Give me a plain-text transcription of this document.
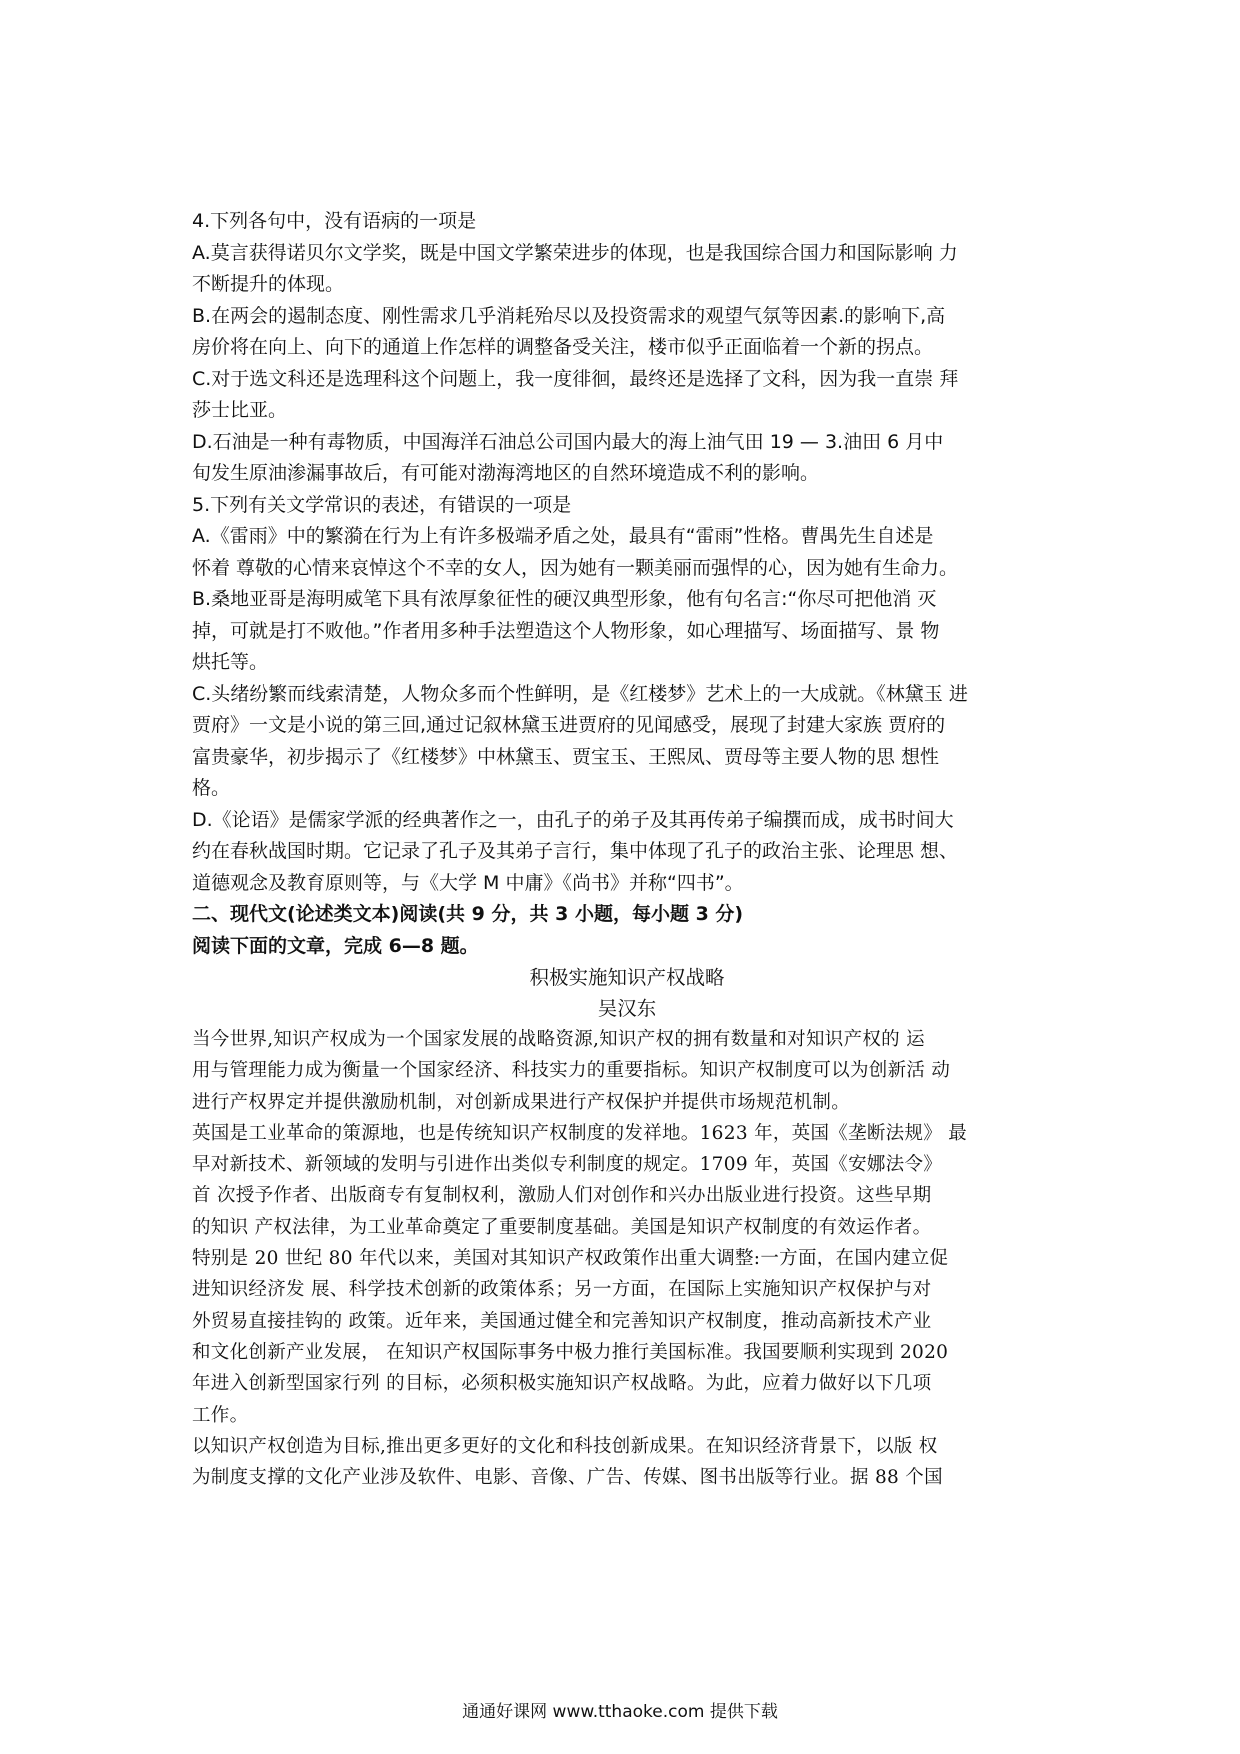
4.下列各句中，没有语病的一项是

A.莫言获得诺贝尔文学奖，既是中国文学繁荣进步的体现，也是我国综合国力和国际影响 力

不断提升的体现。

B.在两会的遏制态度、刚性需求几乎消耗殆尽以及投资需求的观望气氛等因素.的影响下,高

房价将在向上、向下的通道上作怎样的调整备受关注，楼市似乎正面临着一个新的拐点。

C.对于选文科还是选理科这个问题上，我一度徘徊，最终还是选择了文科，因为我一直崇 拜

莎士比亚。

D.石油是一种有毒物质，中国海洋石油总公司国内最大的海上油气田 19 — 3.油田 6 月中

旬发生原油渗漏事故后，有可能对渤海湾地区的自然环境造成不利的影响。

5.下列有关文学常识的表述，有错误的一项是

A.《雷雨》中的繁漪在行为上有许多极端矛盾之处，最具有“雷雨”性格。曹禺先生自述是

怀着 尊敬的心情来哀悼这个不幸的女人，因为她有一颗美丽而强悍的心，因为她有生命力。

B.桑地亚哥是海明威笔下具有浓厚象征性的硬汉典型形象，他有句名言:“你尽可把他消 灭

掉，可就是打不败他。”作者用多种手法塑造这个人物形象，如心理描写、场面描写、景 物

烘托等。

C.头绪纷繁而线索清楚，人物众多而个性鲜明，是《红楼梦》艺术上的一大成就。《林黛玉 进

贾府》一文是小说的第三回,通过记叙林黛玉进贾府的见闻感受，展现了封建大家族 贾府的

富贵豪华，初步揭示了《红楼梦》中林黛玉、贾宝玉、王熙凤、贾母等主要人物的思 想性

格。

D.《论语》是儒家学派的经典著作之一，由孔子的弟子及其再传弟子编撰而成，成书时间大

约在春秋战国时期。它记录了孔子及其弟子言行，集中体现了孔子的政治主张、论理思 想、

道德观念及教育原则等，与《大学 M 中庸》《尚书》并称“四书”。

二、现代文(论述类文本)阅读(共 9 分，共 3 小题，每小题 3 分)

阅读下面的文章，完成 6—8 题。

积极实施知识产权战略
吴汉东

当今世界,知识产权成为一个国家发展的战略资源,知识产权的拥有数量和对知识产权的 运

用与管理能力成为衡量一个国家经济、科技实力的重要指标。知识产权制度可以为创新活 动

进行产权界定并提供激励机制，对创新成果进行产权保护并提供市场规范机制。

英国是工业革命的策源地，也是传统知识产权制度的发祥地。1623 年，英国《垄断法规》 最

早对新技术、新领域的发明与引进作出类似专利制度的规定。1709 年，英国《安娜法令》

首 次授予作者、出版商专有复制权利，激励人们对创作和兴办出版业进行投资。这些早期

的知识 产权法律，为工业革命奠定了重要制度基础。美国是知识产权制度的有效运作者。

特别是 20 世纪 80 年代以来，美国对其知识产权政策作出重大调整:一方面，在国内建立促

进知识经济发 展、科学技术创新的政策体系；另一方面，在国际上实施知识产权保护与对

外贸易直接挂钩的 政策。近年来，美国通过健全和完善知识产权制度，推动高新技术产业

和文化创新产业发展， 在知识产权国际事务中极力推行美国标准。我国要顺利实现到 2020

年进入创新型国家行列 的目标，必须积极实施知识产权战略。为此，应着力做好以下几项

工作。

以知识产权创造为目标,推出更多更好的文化和科技创新成果。在知识经济背景下，以版 权

为制度支撑的文化产业涉及软件、电影、音像、广告、传媒、图书出版等行业。据 88 个国

通通好课网 www.tthaoke.com 提供下载
